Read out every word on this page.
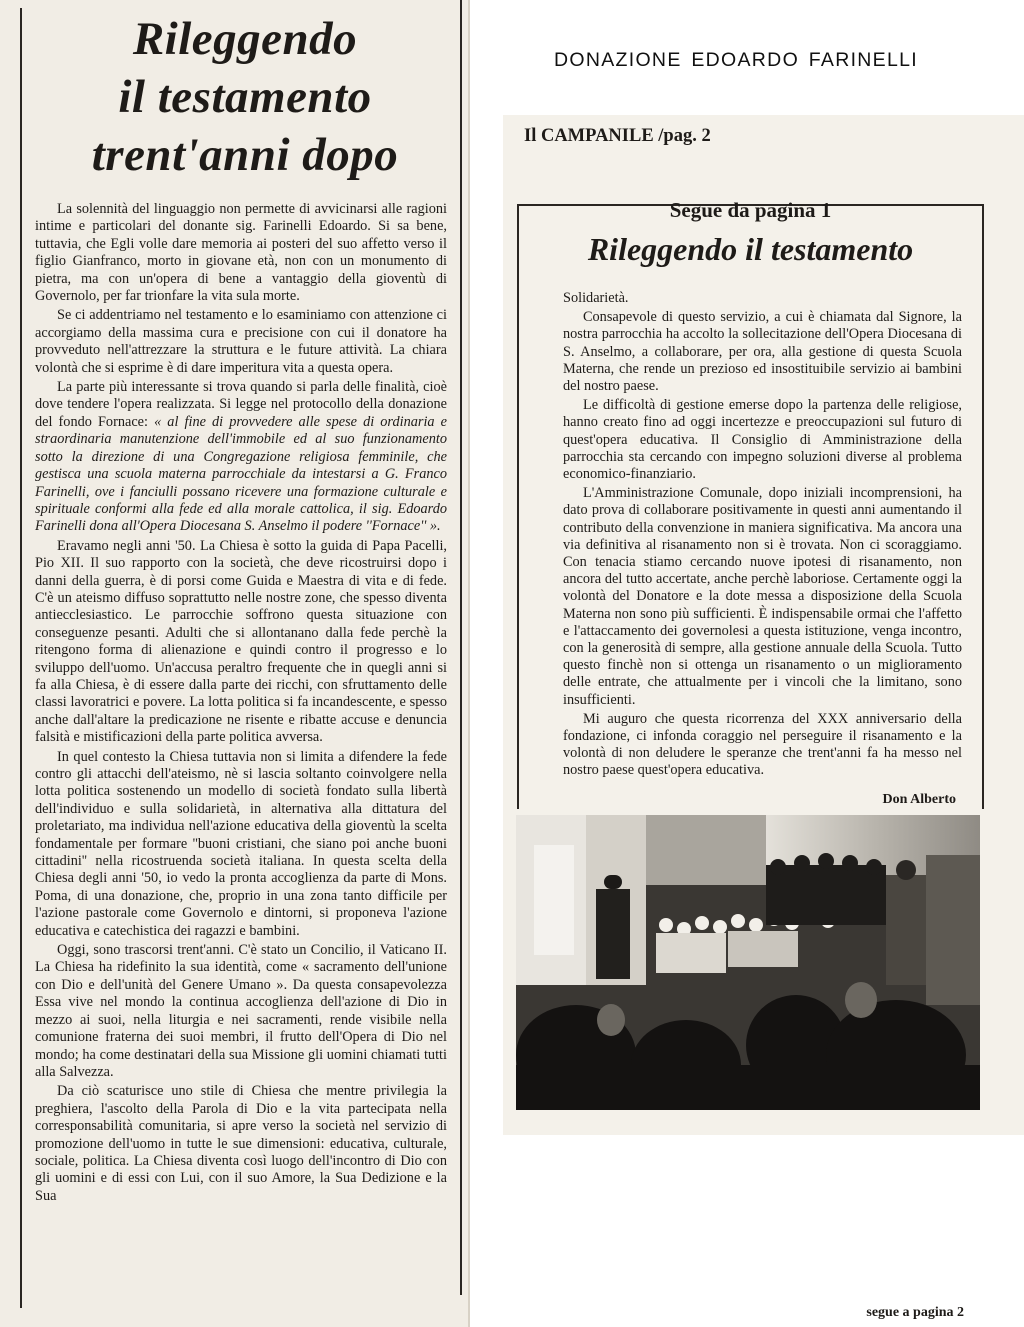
Rileggendo
il testamento
trent'anni dopo

La solennità del linguaggio non permette di avvicinarsi alle ragioni intime e particolari del donante sig. Farinelli Edoardo. Si sa bene, tuttavia, che Egli volle dare memoria ai posteri del suo affetto verso il figlio Gianfranco, morto in giovane età, non con un monumento di pietra, ma con un'opera di bene a vantaggio della gioventù di Governolo, per far trionfare la vita sula morte.

Se ci addentriamo nel testamento e lo esaminiamo con attenzione ci accorgiamo della massima cura e precisione con cui il donatore ha provveduto nell'attrezzare la struttura e le future attività. La chiara volontà che si esprime è di dare imperitura vita a questa opera.

La parte più interessante si trova quando si parla delle finalità, cioè dove tendere l'opera realizzata. Si legge nel protocollo della donazione del fondo Fornace: « al fine di provvedere alle spese di ordinaria e straordinaria manutenzione dell'immobile ed al suo funzionamento sotto la direzione di una Congregazione religiosa femminile, che gestisca una scuola materna parrocchiale da intestarsi a G. Franco Farinelli, ove i fanciulli possano ricevere una formazione culturale e spirituale conformi alla fede ed alla morale cattolica, il sig. Edoardo Farinelli dona all'Opera Diocesana S. Anselmo il podere ''Fornace'' ».

Eravamo negli anni '50. La Chiesa è sotto la guida di Papa Pacelli, Pio XII. Il suo rapporto con la società, che deve ricostruirsi dopo i danni della guerra, è di porsi come Guida e Maestra di vita e di fede. C'è un ateismo diffuso soprattutto nelle nostre zone, che spesso diventa antiecclesiastico. Le parrocchie soffrono questa situazione con conseguenze pesanti. Adulti che si allontanano dalla fede perchè la ritengono forma di alienazione e quindi contro il progresso e lo sviluppo dell'uomo. Un'accusa peraltro frequente che in quegli anni si fa alla Chiesa, è di essere dalla parte dei ricchi, con sfruttamento delle classi lavoratrici e povere. La lotta politica si fa incandescente, e spesso anche dall'altare la predicazione ne risente e ribatte accuse e denuncia falsità e mistificazioni della parte politica avversa.

In quel contesto la Chiesa tuttavia non si limita a difendere la fede contro gli attacchi dell'ateismo, nè si lascia soltanto coinvolgere nella lotta politica sostenendo un modello di società fondato sulla libertà dell'individuo e sulla solidarietà, in alternativa alla dittatura del proletariato, ma individua nell'azione educativa della gioventù la scelta fondamentale per formare ''buoni cristiani, che siano poi anche buoni cittadini'' nella ricostruenda società italiana. In questa scelta della Chiesa degli anni '50, io vedo la pronta accoglienza da parte di Mons. Poma, di una donazione, che, proprio in una zona tanto difficile per l'azione pastorale come Governolo e dintorni, si proponeva l'azione educativa e catechistica dei ragazzi e bambini.

Oggi, sono trascorsi trent'anni. C'è stato un Concilio, il Vaticano II. La Chiesa ha ridefinito la sua identità, come « sacramento dell'unione con Dio e dell'unità del Genere Umano ». Da questa consapevolezza Essa vive nel mondo la continua accoglienza dell'azione di Dio in mezzo ai suoi, nella liturgia e nei sacramenti, rende visibile nella comunione fraterna dei suoi membri, il frutto dell'Opera di Dio nel mondo; ha come destinatari della sua Missione gli uomini chiamati tutti alla Salvezza.

Da ciò scaturisce uno stile di Chiesa che mentre privilegia la preghiera, l'ascolto della Parola di Dio e la vita partecipata nella corresponsabilità comunitaria, si apre verso la società nel servizio di promozione dell'uomo in tutte le sue dimensioni: educativa, culturale, sociale, politica. La Chiesa diventa così luogo dell'incontro di Dio con gli uomini e di essi con Lui, con il suo Amore, la Sua Dedizione e la Sua

segue a pagina 2
DONAZIONE EDOARDO FARINELLI
Il CAMPANILE /pag. 2
Segue da pagina 1
Rileggendo il testamento

Solidarietà.

Consapevole di questo servizio, a cui è chiamata dal Signore, la nostra parrocchia ha accolto la sollecitazione dell'Opera Diocesana di S. Anselmo, a collaborare, per ora, alla gestione di questa Scuola Materna, che rende un prezioso ed insostituibile servizio ai bambini del nostro paese.

Le difficoltà di gestione emerse dopo la partenza delle religiose, hanno creato fino ad oggi incertezze e preoccupazioni sul futuro di quest'opera educativa. Il Consiglio di Amministrazione della parrocchia sta cercando con impegno soluzioni diverse al problema economico-finanziario.

L'Amministrazione Comunale, dopo iniziali incomprensioni, ha dato prova di collaborare positivamente in questi anni aumentando il contributo della convenzione in maniera significativa. Ma ancora una via definitiva al risanamento non si è trovata. Non ci scoraggiamo. Con tenacia stiamo cercando nuove ipotesi di risanamento, non ancora del tutto accertate, anche perchè laboriose. Certamente oggi la volontà del Donatore e la dote messa a disposizione della Scuola Materna non sono più sufficienti. È indispensabile ormai che l'affetto e l'attaccamento dei governolesi a questa istituzione, venga incontro, con la generosità di sempre, alla gestione annuale della Scuola. Tutto questo finchè non si ottenga un risanamento o un miglioramento delle entrate, che attualmente per i vincoli che la limitano, sono insufficienti.

Mi auguro che questa ricorrenza del XXX anniversario della fondazione, ci infonda coraggio nel perseguire il risanamento e la volontà di non deludere le speranze che trent'anni fa ha messo nel nostro paese quest'opera educativa.

Don Alberto
